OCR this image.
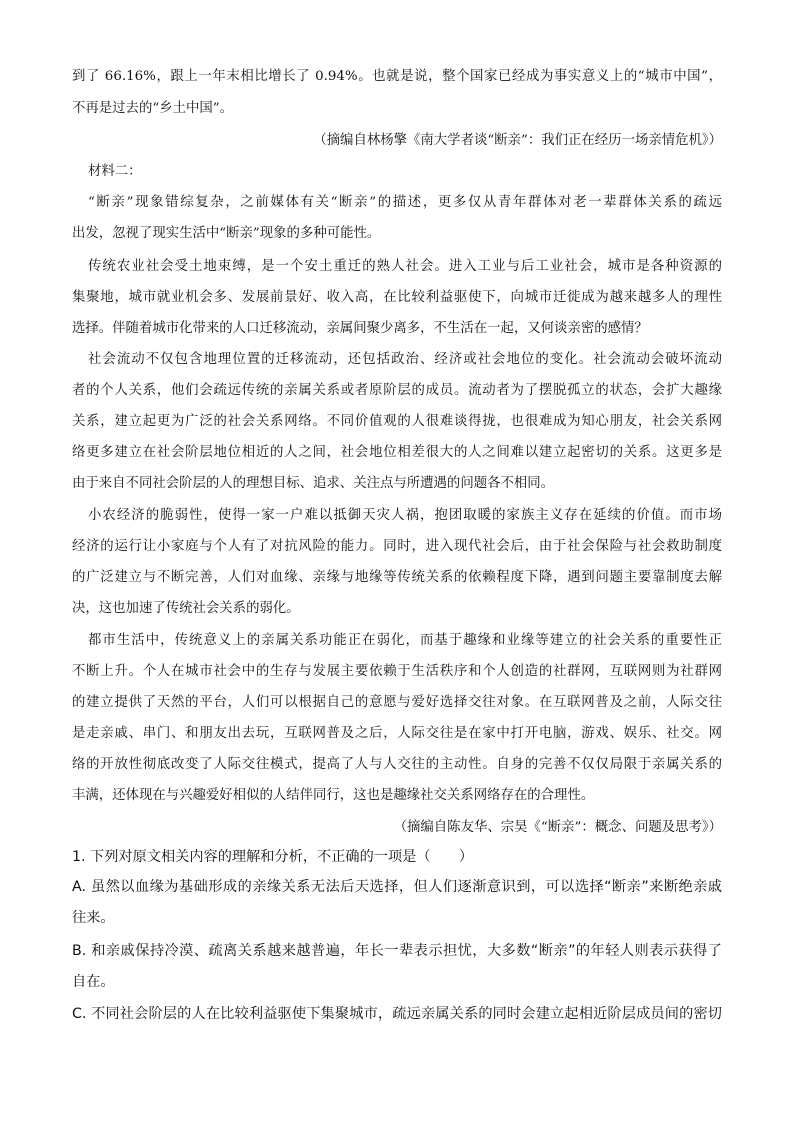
到了 66.16%，跟上一年末相比增长了 0.94%。也就是说，整个国家已经成为事实意义上的“城市中国”，
不再是过去的“乡土中国”。
（摘编自林杨擎《南大学者谈“断亲”：我们正在经历一场亲情危机》）
材料二：
“断亲”现象错综复杂，之前媒体有关“断亲”的描述，更多仅从青年群体对老一辈群体关系的疏远
出发，忽视了现实生活中“断亲”现象的多种可能性。
传统农业社会受土地束缚，是一个安土重迁的熟人社会。进入工业与后工业社会，城市是各种资源的
集聚地，城市就业机会多、发展前景好、收入高，在比较利益驱使下，向城市迁徙成为越来越多人的理性
选择。伴随着城市化带来的人口迁移流动，亲属间聚少离多，不生活在一起，又何谈亲密的感情？
社会流动不仅包含地理位置的迁移流动，还包括政治、经济或社会地位的变化。社会流动会破坏流动
者的个人关系，他们会疏远传统的亲属关系或者原阶层的成员。流动者为了摆脱孤立的状态，会扩大趣缘
关系，建立起更为广泛的社会关系网络。不同价值观的人很难谈得拢，也很难成为知心朋友，社会关系网
络更多建立在社会阶层地位相近的人之间，社会地位相差很大的人之间难以建立起密切的关系。这更多是
由于来自不同社会阶层的人的理想目标、追求、关注点与所遭遇的问题各不相同。
小农经济的脆弱性，使得一家一户难以抵御天灾人祸，抱团取暖的家族主义存在延续的价值。而市场
经济的运行让小家庭与个人有了对抗风险的能力。同时，进入现代社会后，由于社会保险与社会救助制度
的广泛建立与不断完善，人们对血缘、亲缘与地缘等传统关系的依赖程度下降，遇到问题主要靠制度去解
决，这也加速了传统社会关系的弱化。
都市生活中，传统意义上的亲属关系功能正在弱化，而基于趣缘和业缘等建立的社会关系的重要性正
不断上升。个人在城市社会中的生存与发展主要依赖于生活秩序和个人创造的社群网，互联网则为社群网
的建立提供了天然的平台，人们可以根据自己的意愿与爱好选择交往对象。在互联网普及之前，人际交往
是走亲戚、串门、和朋友出去玩，互联网普及之后，人际交往是在家中打开电脑，游戏、娱乐、社交。网
络的开放性彻底改变了人际交往模式，提高了人与人交往的主动性。自身的完善不仅仅局限于亲属关系的
丰满，还体现在与兴趣爱好相似的人结伴同行，这也是趣缘社交关系网络存在的合理性。
（摘编自陈友华、宗昊《“断亲”：概念、问题及思考》）
1. 下列对原文相关内容的理解和分析，不正确的一项是（　　）
A. 虽然以血缘为基础形成的亲缘关系无法后天选择，但人们逐渐意识到，可以选择“断亲”来断绝亲戚
往来。
B. 和亲戚保持冷漠、疏离关系越来越普遍，年长一辈表示担忧，大多数“断亲”的年轻人则表示获得了
自在。
C. 不同社会阶层的人在比较利益驱使下集聚城市，疏远亲属关系的同时会建立起相近阶层成员间的密切
